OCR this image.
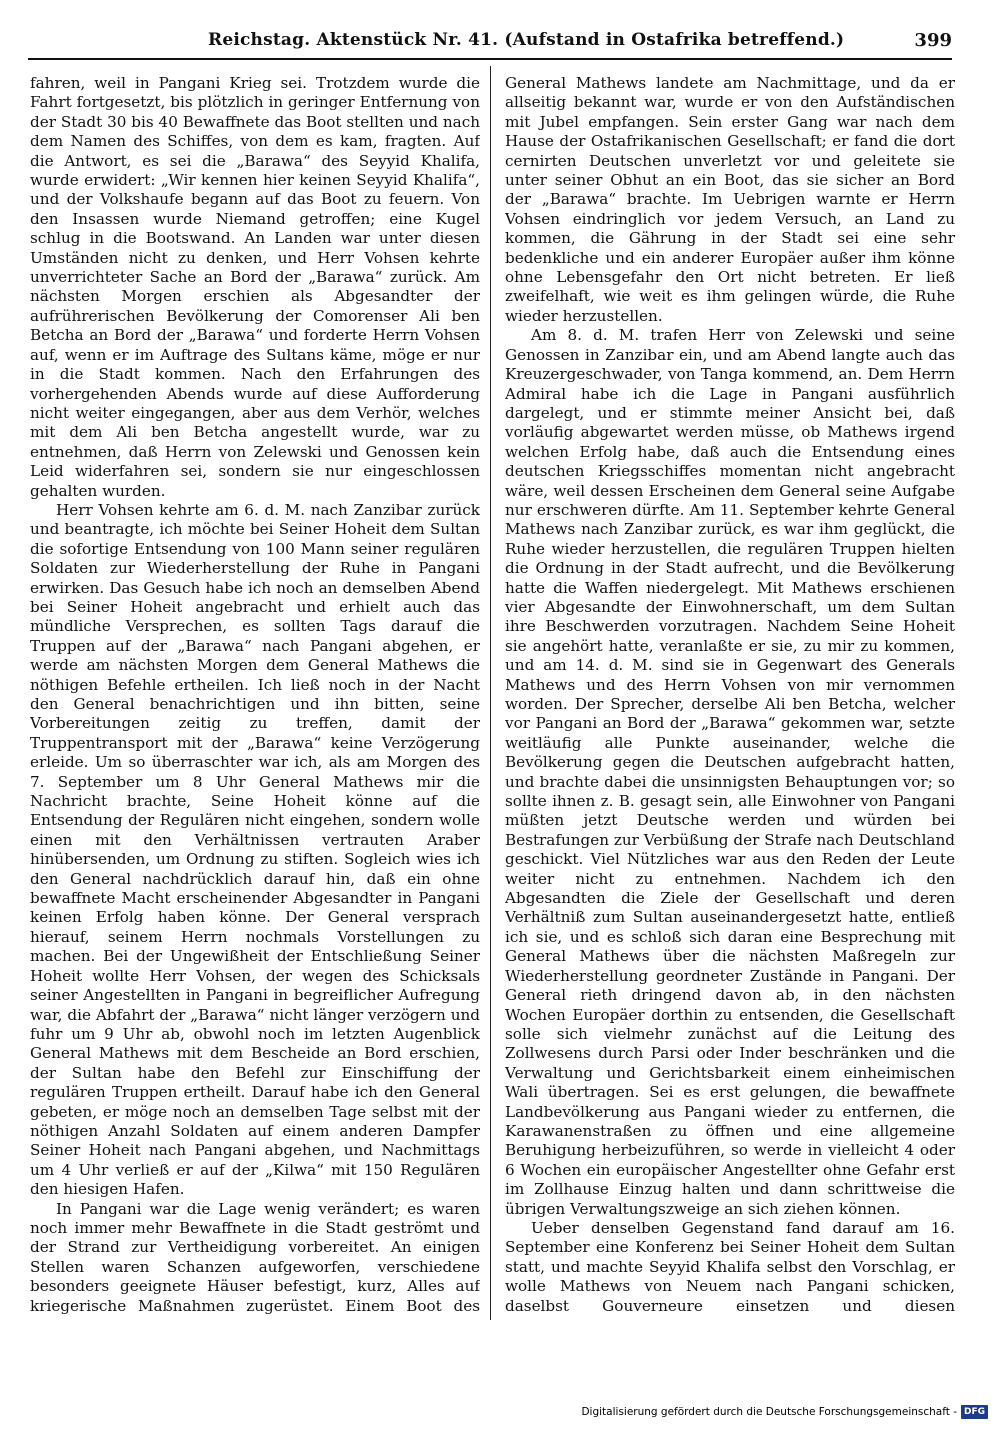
Reichstag. Aktenstück Nr. 41. (Aufstand in Ostafrika betreffend.)	399

fahren, weil in Pangani Krieg sei. Trotzdem wurde die Fahrt fortgesetzt, bis plötzlich in geringer Entfernung von der Stadt 30 bis 40 Bewaffnete das Boot stellten und nach dem Namen des Schiffes, von dem es kam, fragten. Auf die Antwort, es sei die „Barawa“ des Seyyid Khalifa, wurde erwidert: „Wir kennen hier keinen Seyyid Khalifa“, und der Volkshaufe begann auf das Boot zu feuern. Von den Insassen wurde Niemand getroffen; eine Kugel schlug in die Bootswand. An Landen war unter diesen Umständen nicht zu denken, und Herr Vohsen kehrte unverrichteter Sache an Bord der „Barawa“ zurück. Am nächsten Morgen erschien als Abgesandter der aufrührerischen Bevölkerung der Comorenser Ali ben Betcha an Bord der „Barawa“ und forderte Herrn Vohsen auf, wenn er im Auftrage des Sultans käme, möge er nur in die Stadt kommen. Nach den Erfahrungen des vorhergehenden Abends wurde auf diese Aufforderung nicht weiter eingegangen, aber aus dem Verhör, welches mit dem Ali ben Betcha angestellt wurde, war zu entnehmen, daß Herrn von Zelewski und Genossen kein Leid widerfahren sei, sondern sie nur eingeschlossen gehalten wurden.

Herr Vohsen kehrte am 6. d. M. nach Zanzibar zurück und beantragte, ich möchte bei Seiner Hoheit dem Sultan die sofortige Entsendung von 100 Mann seiner regulären Soldaten zur Wiederherstellung der Ruhe in Pangani erwirken. Das Gesuch habe ich noch an demselben Abend bei Seiner Hoheit angebracht und erhielt auch das mündliche Versprechen, es sollten Tags darauf die Truppen auf der „Barawa“ nach Pangani abgehen, er werde am nächsten Morgen dem General Mathews die nöthigen Befehle ertheilen. Ich ließ noch in der Nacht den General benachrichtigen und ihn bitten, seine Vorbereitungen zeitig zu treffen, damit der Truppentransport mit der „Barawa“ keine Verzögerung erleide. Um so überraschter war ich, als am Morgen des 7. September um 8 Uhr General Mathews mir die Nachricht brachte, Seine Hoheit könne auf die Entsendung der Regulären nicht eingehen, sondern wolle einen mit den Verhältnissen vertrauten Araber hinübersenden, um Ordnung zu stiften. Sogleich wies ich den General nachdrücklich darauf hin, daß ein ohne bewaffnete Macht erscheinender Abgesandter in Pangani keinen Erfolg haben könne. Der General versprach hierauf, seinem Herrn nochmals Vorstellungen zu machen. Bei der Ungewißheit der Entschließung Seiner Hoheit wollte Herr Vohsen, der wegen des Schicksals seiner Angestellten in Pangani in begreiflicher Aufregung war, die Abfahrt der „Barawa“ nicht länger verzögern und fuhr um 9 Uhr ab, obwohl noch im letzten Augenblick General Mathews mit dem Bescheide an Bord erschien, der Sultan habe den Befehl zur Einschiffung der regulären Truppen ertheilt. Darauf habe ich den General gebeten, er möge noch an demselben Tage selbst mit der nöthigen Anzahl Soldaten auf einem anderen Dampfer Seiner Hoheit nach Pangani abgehen, und Nachmittags um 4 Uhr verließ er auf der „Kilwa“ mit 150 Regulären den hiesigen Hafen.

In Pangani war die Lage wenig verändert; es waren noch immer mehr Bewaffnete in die Stadt geströmt und der Strand zur Vertheidigung vorbereitet. An einigen Stellen waren Schanzen aufgeworfen, verschiedene besonders geeignete Häuser befestigt, kurz, Alles auf kriegerische Maßnahmen zugerüstet. Einem Boot des

General Mathews landete am Nachmittage, und da er allseitig bekannt war, wurde er von den Aufständischen mit Jubel empfangen. Sein erster Gang war nach dem Hause der Ostafrikanischen Gesellschaft; er fand die dort cernirten Deutschen unverletzt vor und geleitete sie unter seiner Obhut an ein Boot, das sie sicher an Bord der „Barawa“ brachte. Im Uebrigen warnte er Herrn Vohsen eindringlich vor jedem Versuch, an Land zu kommen, die Gährung in der Stadt sei eine sehr bedenkliche und ein anderer Europäer außer ihm könne ohne Lebensgefahr den Ort nicht betreten. Er ließ zweifelhaft, wie weit es ihm gelingen würde, die Ruhe wieder herzustellen.

Am 8. d. M. trafen Herr von Zelewski und seine Genossen in Zanzibar ein, und am Abend langte auch das Kreuzergeschwader, von Tanga kommend, an. Dem Herrn Admiral habe ich die Lage in Pangani ausführlich dargelegt, und er stimmte meiner Ansicht bei, daß vorläufig abgewartet werden müsse, ob Mathews irgend welchen Erfolg habe, daß auch die Entsendung eines deutschen Kriegsschiffes momentan nicht angebracht wäre, weil dessen Erscheinen dem General seine Aufgabe nur erschweren dürfte. Am 11. September kehrte General Mathews nach Zanzibar zurück, es war ihm geglückt, die Ruhe wieder herzustellen, die regulären Truppen hielten die Ordnung in der Stadt aufrecht, und die Bevölkerung hatte die Waffen niedergelegt. Mit Mathews erschienen vier Abgesandte der Einwohnerschaft, um dem Sultan ihre Beschwerden vorzutragen. Nachdem Seine Hoheit sie angehört hatte, veranlaßte er sie, zu mir zu kommen, und am 14. d. M. sind sie in Gegenwart des Generals Mathews und des Herrn Vohsen von mir vernommen worden. Der Sprecher, derselbe Ali ben Betcha, welcher vor Pangani an Bord der „Barawa“ gekommen war, setzte weitläufig alle Punkte auseinander, welche die Bevölkerung gegen die Deutschen aufgebracht hatten, und brachte dabei die unsinnigsten Behauptungen vor; so sollte ihnen z. B. gesagt sein, alle Einwohner von Pangani müßten jetzt Deutsche werden und würden bei Bestrafungen zur Verbüßung der Strafe nach Deutschland geschickt. Viel Nützliches war aus den Reden der Leute weiter nicht zu entnehmen. Nachdem ich den Abgesandten die Ziele der Gesellschaft und deren Verhältniß zum Sultan auseinandergesetzt hatte, entließ ich sie, und es schloß sich daran eine Besprechung mit General Mathews über die nächsten Maßregeln zur Wiederherstellung geordneter Zustände in Pangani. Der General rieth dringend davon ab, in den nächsten Wochen Europäer dorthin zu entsenden, die Gesellschaft solle sich vielmehr zunächst auf die Leitung des Zollwesens durch Parsi oder Inder beschränken und die Verwaltung und Gerichtsbarkeit einem einheimischen Wali übertragen. Sei es erst gelungen, die bewaffnete Landbevölkerung aus Pangani wieder zu entfernen, die Karawanenstraßen zu öffnen und eine allgemeine Beruhigung herbeizuführen, so werde in vielleicht 4 oder 6 Wochen ein europäischer Angestellter ohne Gefahr erst im Zollhause Einzug halten und dann schrittweise die übrigen Verwaltungszweige an sich ziehen können.

Ueber denselben Gegenstand fand darauf am 16. September eine Konferenz bei Seiner Hoheit dem Sultan statt, und machte Seyyid Khalifa selbst den Vorschlag, er wolle Mathews von Neuem nach Pangani schicken, daselbst Gouverneure einsetzen und diesen

Digitalisierung gefördert durch die Deutsche Forschungsgemeinschaft - DFG
